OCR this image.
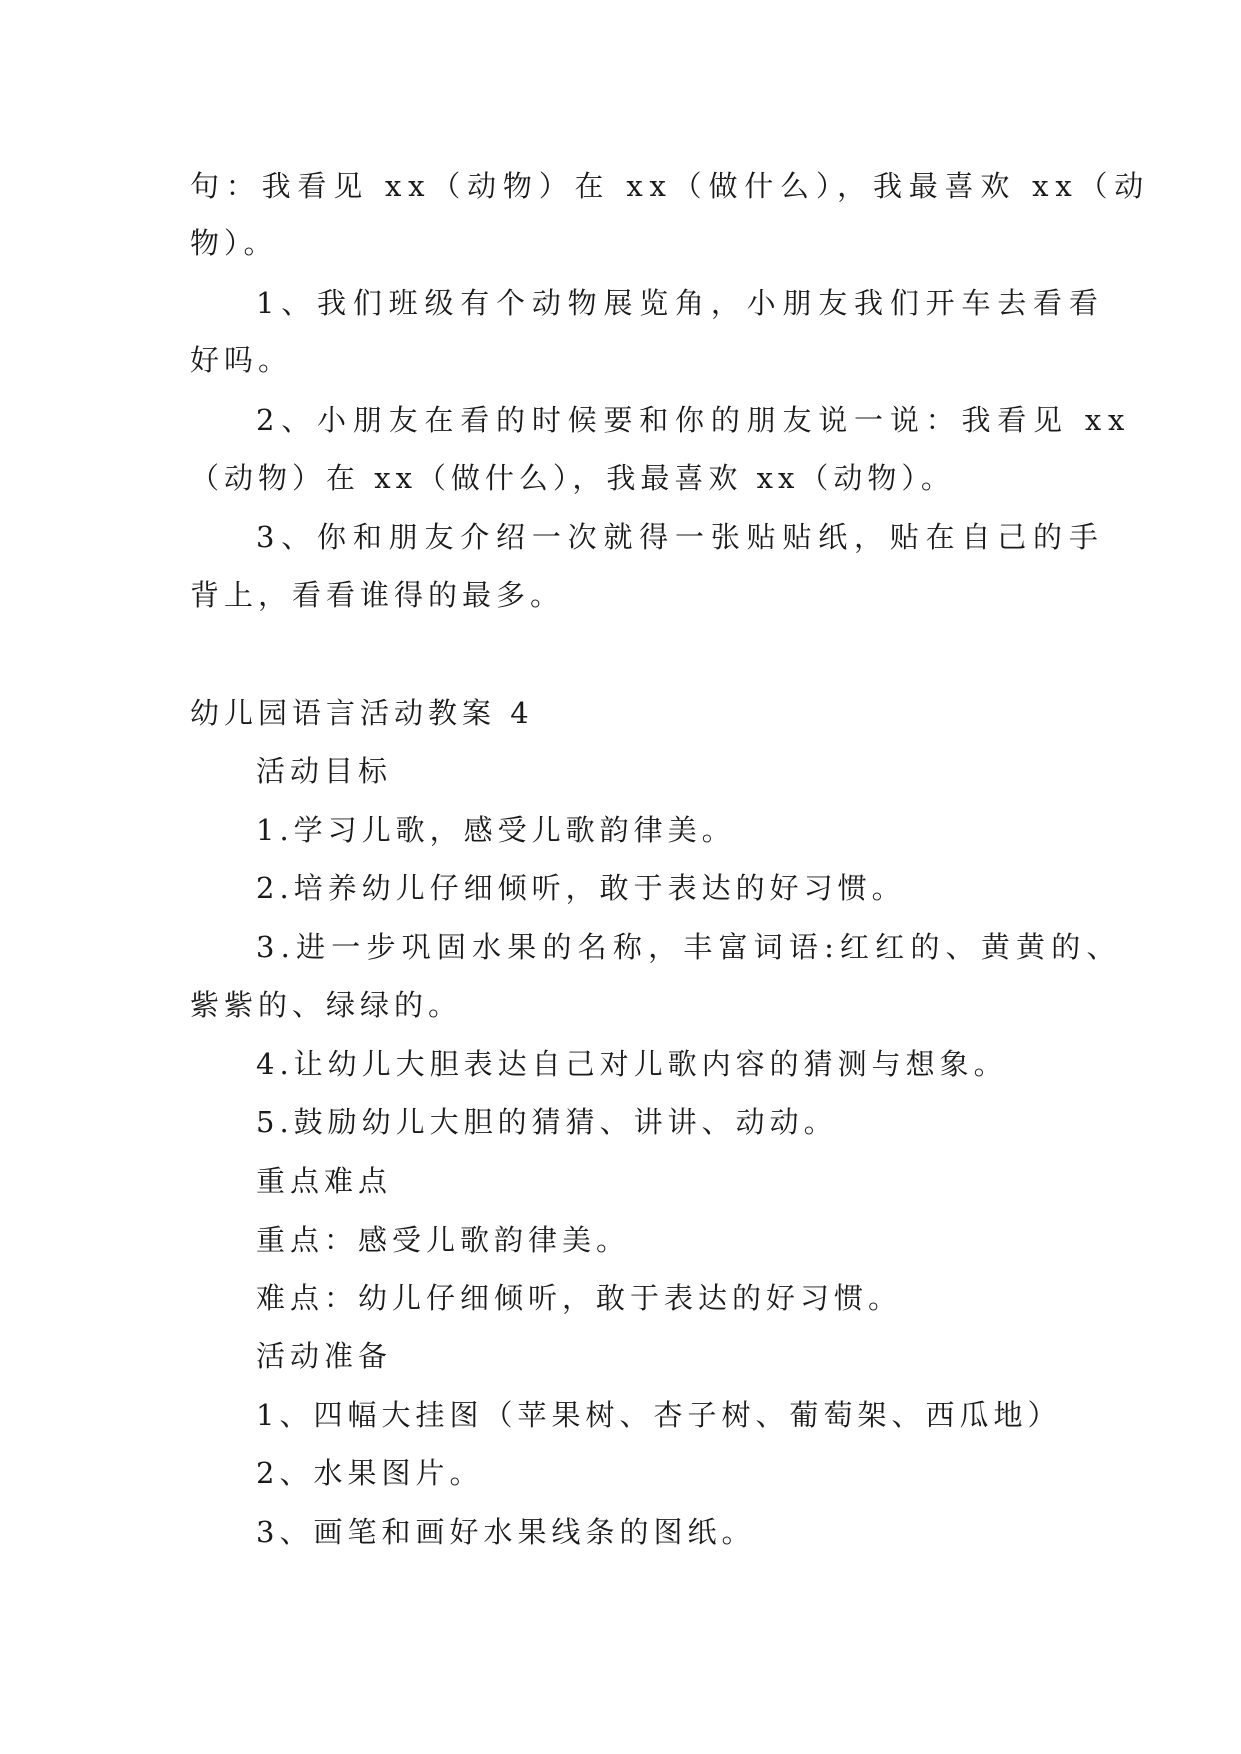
句：我看见 xx（动物）在 xx（做什么），我最喜欢 xx（动
物）。
1、我们班级有个动物展览角，小朋友我们开车去看看
好吗。
2、小朋友在看的时候要和你的朋友说一说：我看见 xx
（动物）在 xx（做什么），我最喜欢 xx（动物）。
3、你和朋友介绍一次就得一张贴贴纸，贴在自己的手
背上，看看谁得的最多。
幼儿园语言活动教案 4
活动目标
1.学习儿歌，感受儿歌韵律美。
2.培养幼儿仔细倾听，敢于表达的好习惯。
3.进一步巩固水果的名称，丰富词语:红红的、黄黄的、
紫紫的、绿绿的。
4.让幼儿大胆表达自己对儿歌内容的猜测与想象。
5.鼓励幼儿大胆的猜猜、讲讲、动动。
重点难点
重点：感受儿歌韵律美。
难点：幼儿仔细倾听，敢于表达的好习惯。
活动准备
1、四幅大挂图（苹果树、杏子树、葡萄架、西瓜地）
2、水果图片。
3、画笔和画好水果线条的图纸。
